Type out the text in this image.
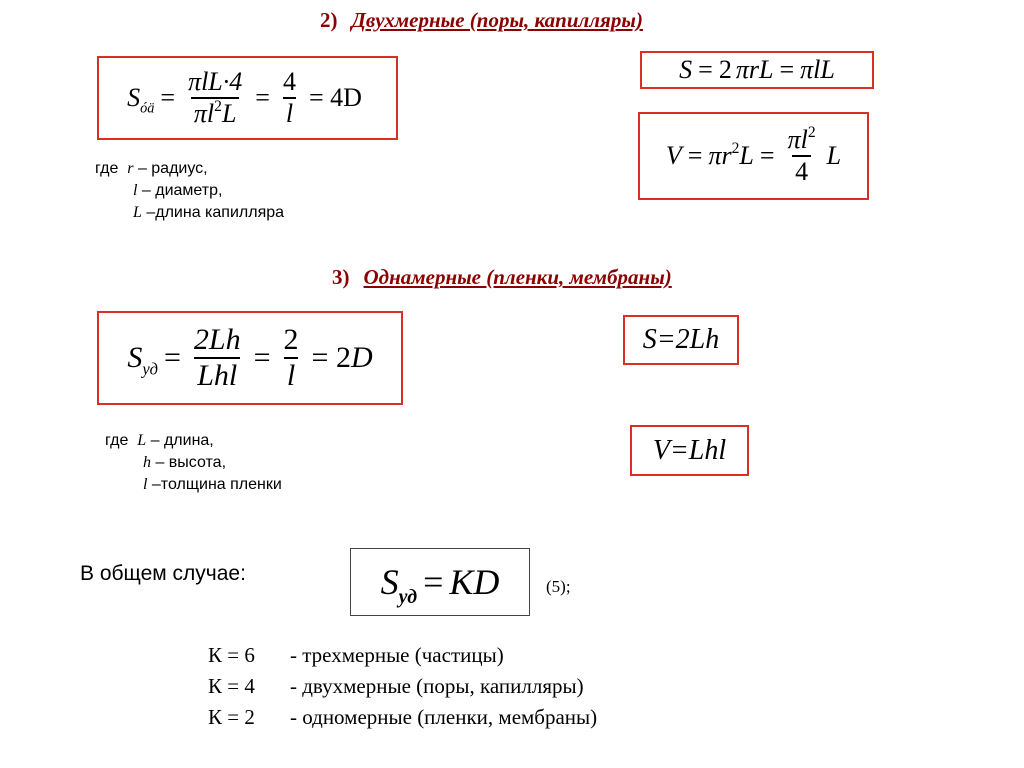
2) Двухмерные (поры, капилляры)
$S_{óä} = \frac{\text{πlL·4}}{\pi l^2L} = \frac{4}{l} = 4D$
S = 2 πrL = πlL
$V = \pi r^2L = \frac{\pi l^2}{4}$ L
где r – радиус,
l – диаметр,
L –длина капилляра
3) Однамерные (пленки, мембраны)
$S_{уд} = \frac{2Lh}{\text{Lhl}} = \frac{2}{l} = 2$ D
S=2Lh
V=Lhl
где L – длина,
h – высота,
l –толщина пленки
В общем случае:	$S_{уд}$ = KD	(5);
К = 6 - трехмерные (частицы)
К = 4 - двухмерные (поры, капилляры)
К = 2 - одномерные (пленки, мембраны)
